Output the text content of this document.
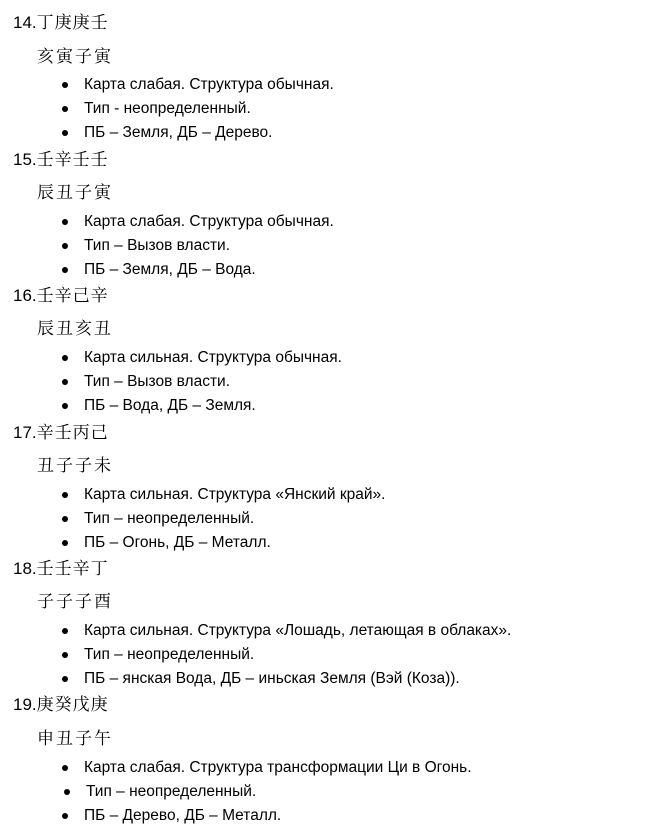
14.丁庚庚壬
亥寅子寅
Карта слабая. Структура обычная.
Тип - неопределенный.
ПБ – Земля, ДБ – Дерево.
15.壬辛壬壬
辰丑子寅
Карта слабая. Структура обычная.
Тип – Вызов власти.
ПБ – Земля, ДБ – Вода.
16.壬辛己辛
辰丑亥丑
Карта сильная. Структура обычная.
Тип – Вызов власти.
ПБ – Вода, ДБ – Земля.
17.辛壬丙己
丑子子未
Карта сильная. Структура «Янский край».
Тип – неопределенный.
ПБ – Огонь, ДБ – Металл.
18.壬壬辛丁
子子子酉
Карта сильная. Структура «Лошадь, летающая в облаках».
Тип – неопределенный.
ПБ – янская Вода, ДБ – иньская Земля (Вэй (Коза)).
19.庚癸戊庚
申丑子午
Карта слабая. Структура трансформации Ци в Огонь.
Тип – неопределенный.
ПБ – Дерево, ДБ – Металл.
